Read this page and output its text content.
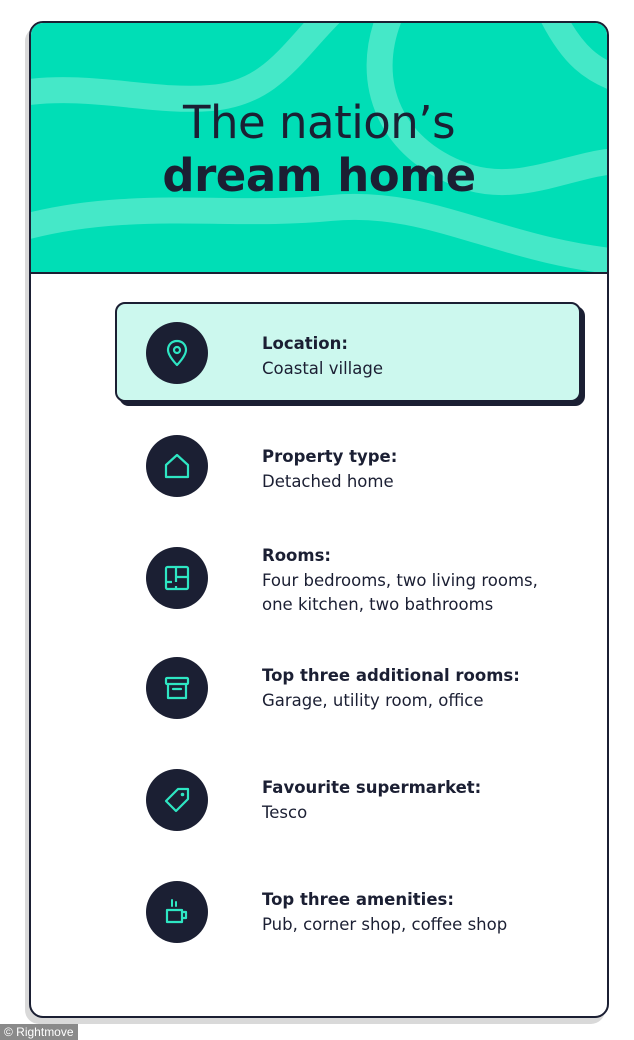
The nation’s
dream home
Location:
Coastal village
Property type:
Detached home
Rooms:
Four bedrooms, two living rooms,
one kitchen, two bathrooms
Top three additional rooms:
Garage, utility room, office
Favourite supermarket:
Tesco
Top three amenities:
Pub, corner shop, coffee shop
© Rightmove
